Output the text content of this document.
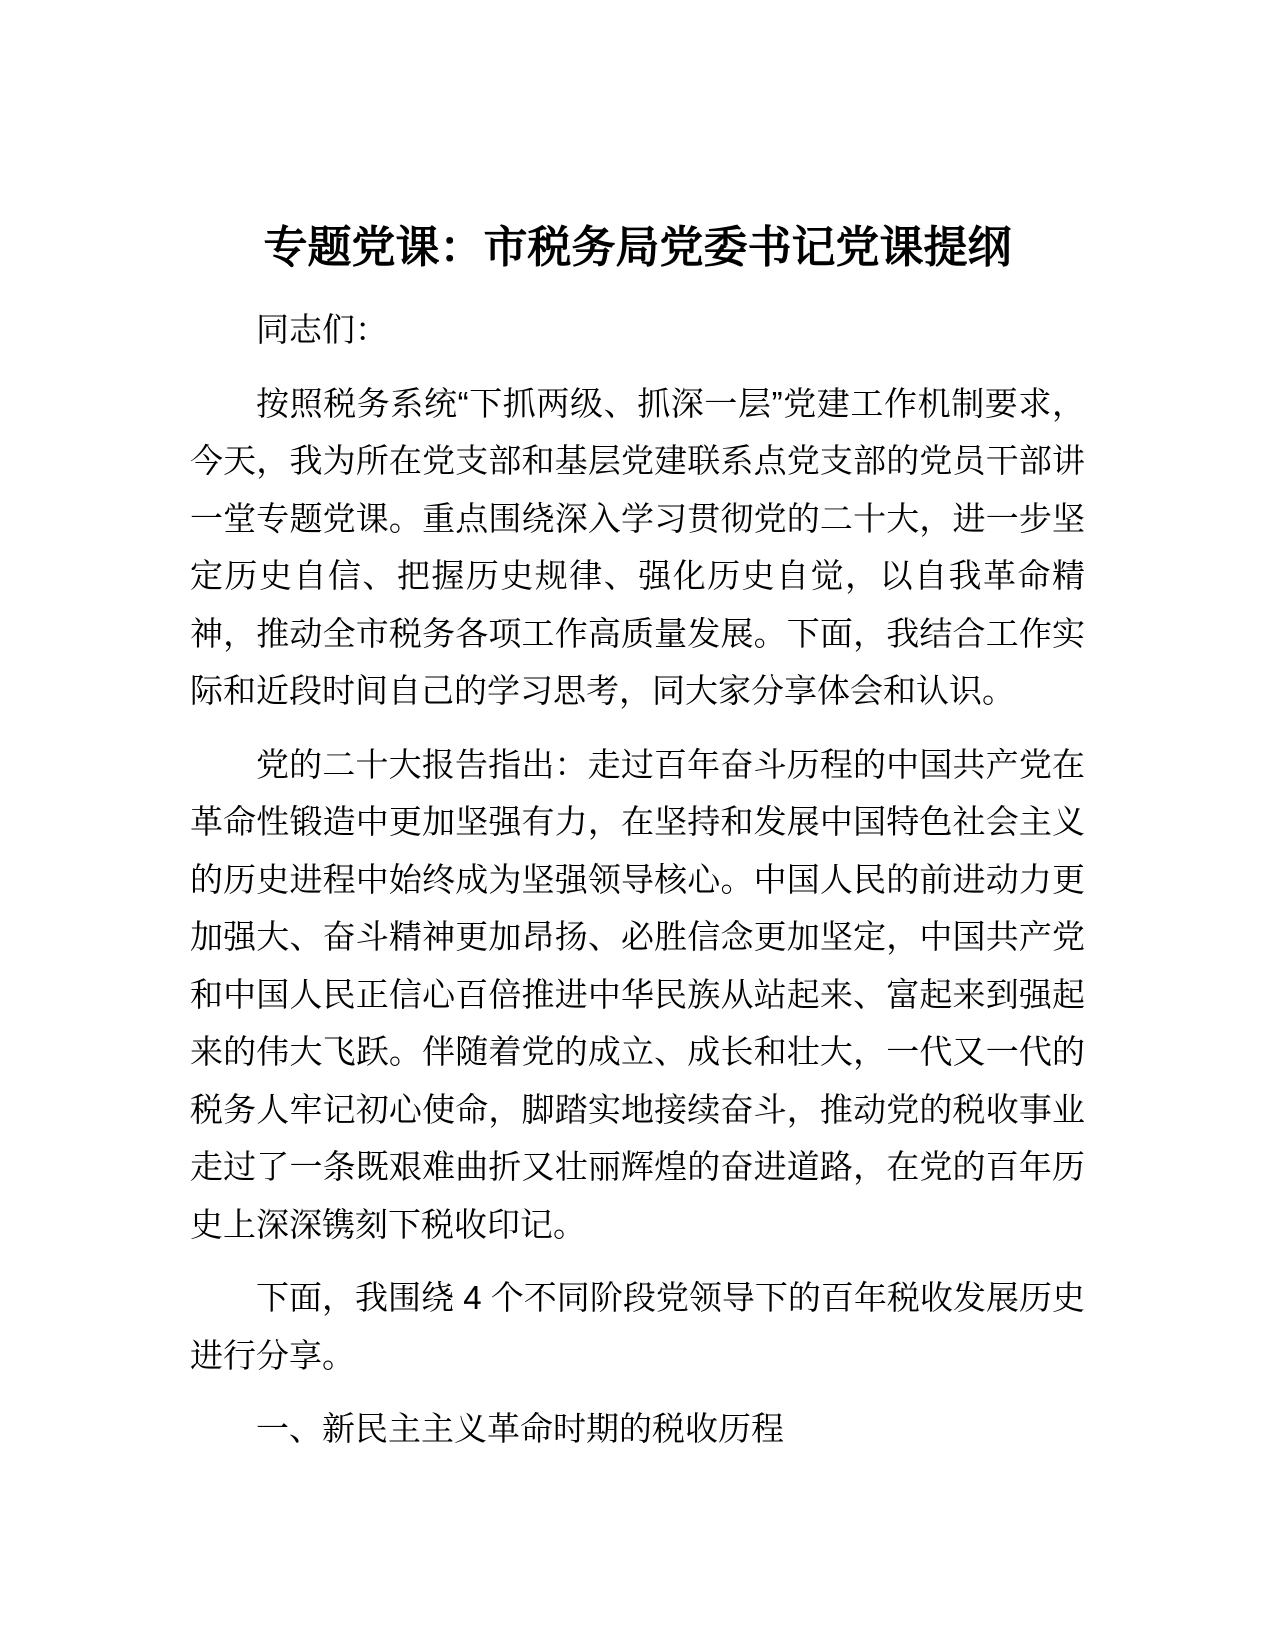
专题党课：市税务局党委书记党课提纲

同志们：

按照税务系统“下抓两级、抓深一层”党建工作机制要求，今天，我为所在党支部和基层党建联系点党支部的党员干部讲一堂专题党课。重点围绕深入学习贯彻党的二十大，进一步坚定历史自信、把握历史规律、强化历史自觉，以自我革命精神，推动全市税务各项工作高质量发展。下面，我结合工作实际和近段时间自己的学习思考，同大家分享体会和认识。

党的二十大报告指出：走过百年奋斗历程的中国共产党在革命性锻造中更加坚强有力，在坚持和发展中国特色社会主义的历史进程中始终成为坚强领导核心。中国人民的前进动力更加强大、奋斗精神更加昂扬、必胜信念更加坚定，中国共产党和中国人民正信心百倍推进中华民族从站起来、富起来到强起来的伟大飞跃。伴随着党的成立、成长和壮大，一代又一代的税务人牢记初心使命，脚踏实地接续奋斗，推动党的税收事业走过了一条既艰难曲折又壮丽辉煌的奋进道路，在党的百年历史上深深镌刻下税收印记。

下面，我围绕 4 个不同阶段党领导下的百年税收发展历史进行分享。

一、新民主主义革命时期的税收历程
